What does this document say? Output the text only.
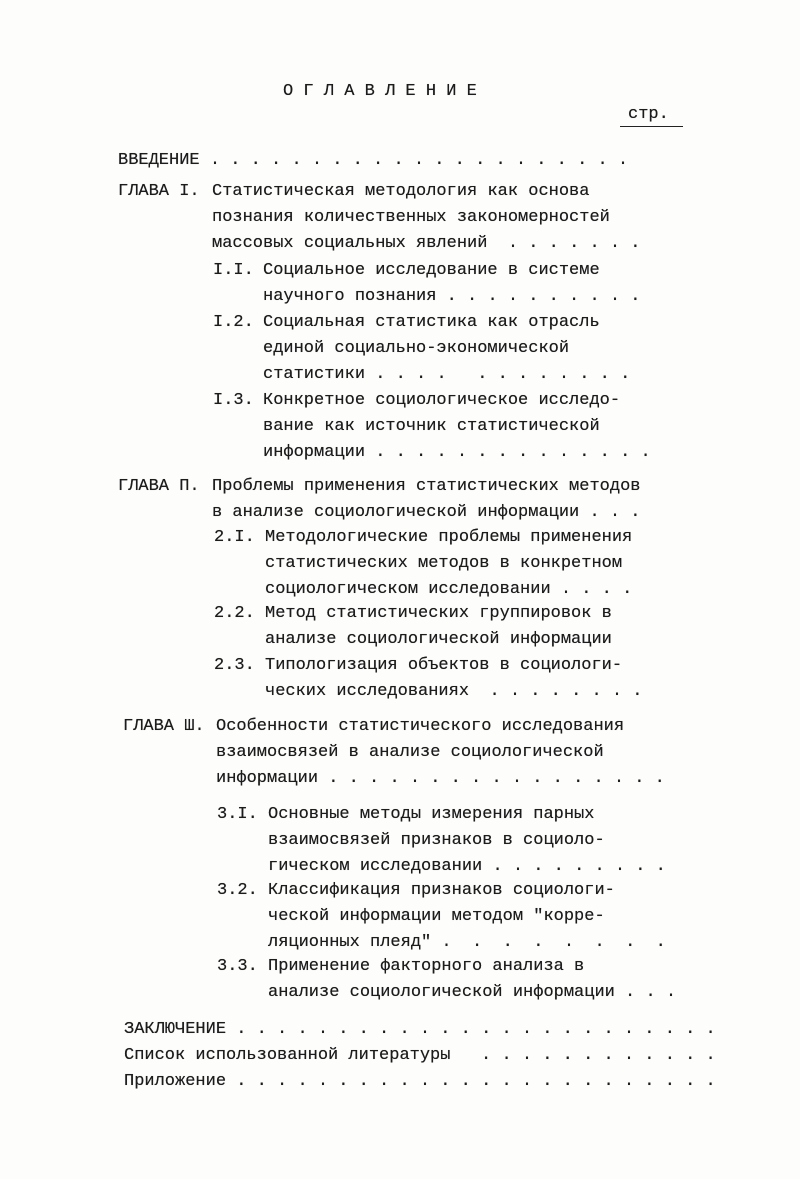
О Г Л А В Л Е Н И Е
стр.
ВВЕДЕНИЕ . . . . . . . . . . . . . . . . . . . . .
ГЛАВА I. Статистическая методология как основа
познания количественных закономерностей
массовых социальных явлений  . . . . . . .
I.I. Социальное исследование в системе
научного познания . . . . . . . . . .
I.2. Социальная статистика как отрасль
единой социально-экономической
статистики . . . .   . . . . . . . .
I.3. Конкретное социологическое исследо-
вание как источник статистической
информации . . . . . . . . . . . . . .
ГЛАВА П. Проблемы применения статистических методов
в анализе социологической информации . . .
2.I. Методологические проблемы применения
статистических методов в конкретном
социологическом исследовании . . . .
2.2. Метод статистических группировок в
анализе социологической информации
2.3. Типологизация объектов в социологи-
ческих исследованиях  . . . . . . . .
ГЛАВА Ш. Особенности статистического исследования
взаимосвязей в анализе социологической
информации . . . . . . . . . . . . . . . . .
3.I. Основные методы измерения парных
взаимосвязей признаков в социоло-
гическом исследовании . . . . . . . . .
3.2. Классификация признаков социологи-
ческой информации методом "корре-
ляционных плеяд" .  .  .  .  .  .  .  .
3.3. Применение факторного анализа в
анализе социологической информации . . .
ЗАКЛЮЧЕНИЕ . . . . . . . . . . . . . . . . . . . . . . . .
Список использованной литературы   . . . . . . . . . . . .
Приложение . . . . . . . . . . . . . . . . . . . . . . . .
